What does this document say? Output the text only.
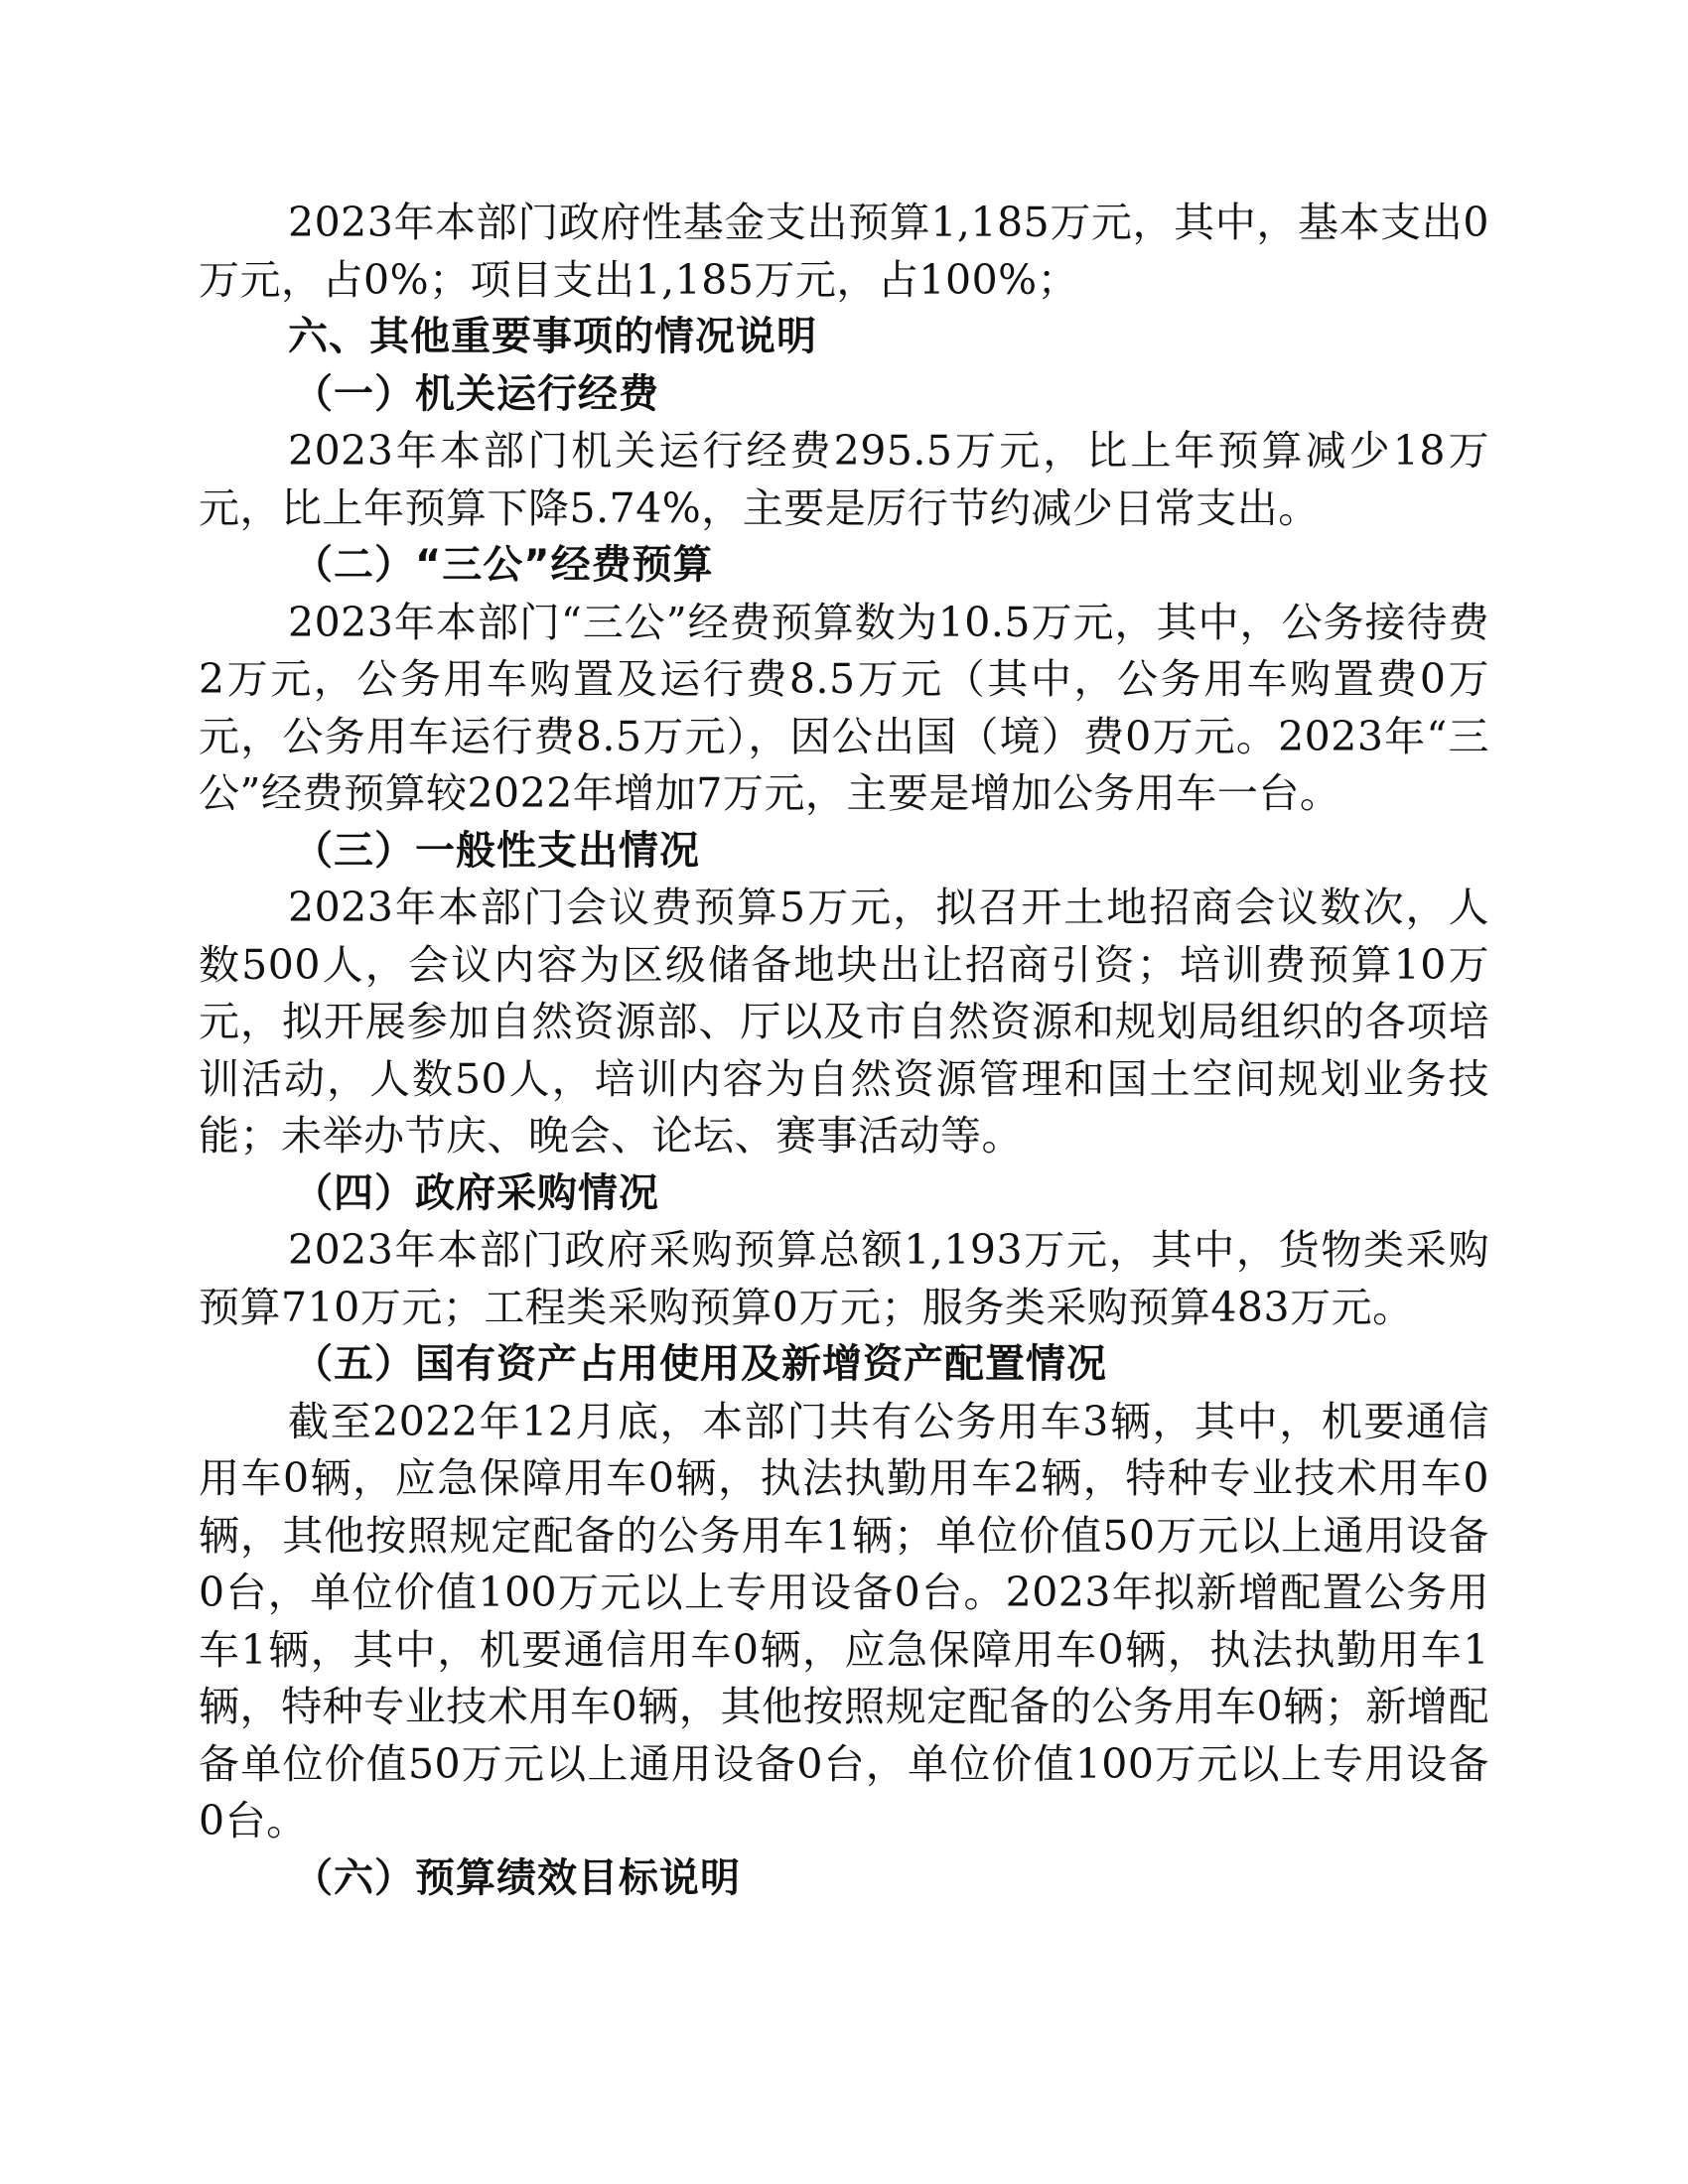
2023年本部门政府性基金支出预算1,185万元，其中，基本支出0万元，占0%；项目支出1,185万元，占100%；

六、其他重要事项的情况说明

（一）机关运行经费

2023年本部门机关运行经费295.5万元，比上年预算减少18万元，比上年预算下降5.74%，主要是厉行节约减少日常支出。

（二）“三公”经费预算

2023年本部门“三公”经费预算数为10.5万元，其中，公务接待费2万元，公务用车购置及运行费8.5万元（其中，公务用车购置费0万元，公务用车运行费8.5万元），因公出国（境）费0万元。2023年“三公”经费预算较2022年增加7万元，主要是增加公务用车一台。

（三）一般性支出情况

2023年本部门会议费预算5万元，拟召开土地招商会议数次，人数500人，会议内容为区级储备地块出让招商引资；培训费预算10万元，拟开展参加自然资源部、厅以及市自然资源和规划局组织的各项培训活动，人数50人，培训内容为自然资源管理和国土空间规划业务技能；未举办节庆、晚会、论坛、赛事活动等。

（四）政府采购情况

2023年本部门政府采购预算总额1,193万元，其中，货物类采购预算710万元；工程类采购预算0万元；服务类采购预算483万元。

（五）国有资产占用使用及新增资产配置情况

截至2022年12月底，本部门共有公务用车3辆，其中，机要通信用车0辆，应急保障用车0辆，执法执勤用车2辆，特种专业技术用车0辆，其他按照规定配备的公务用车1辆；单位价值50万元以上通用设备0台，单位价值100万元以上专用设备0台。2023年拟新增配置公务用车1辆，其中，机要通信用车0辆，应急保障用车0辆，执法执勤用车1辆，特种专业技术用车0辆，其他按照规定配备的公务用车0辆；新增配备单位价值50万元以上通用设备0台，单位价值100万元以上专用设备0台。

（六）预算绩效目标说明
